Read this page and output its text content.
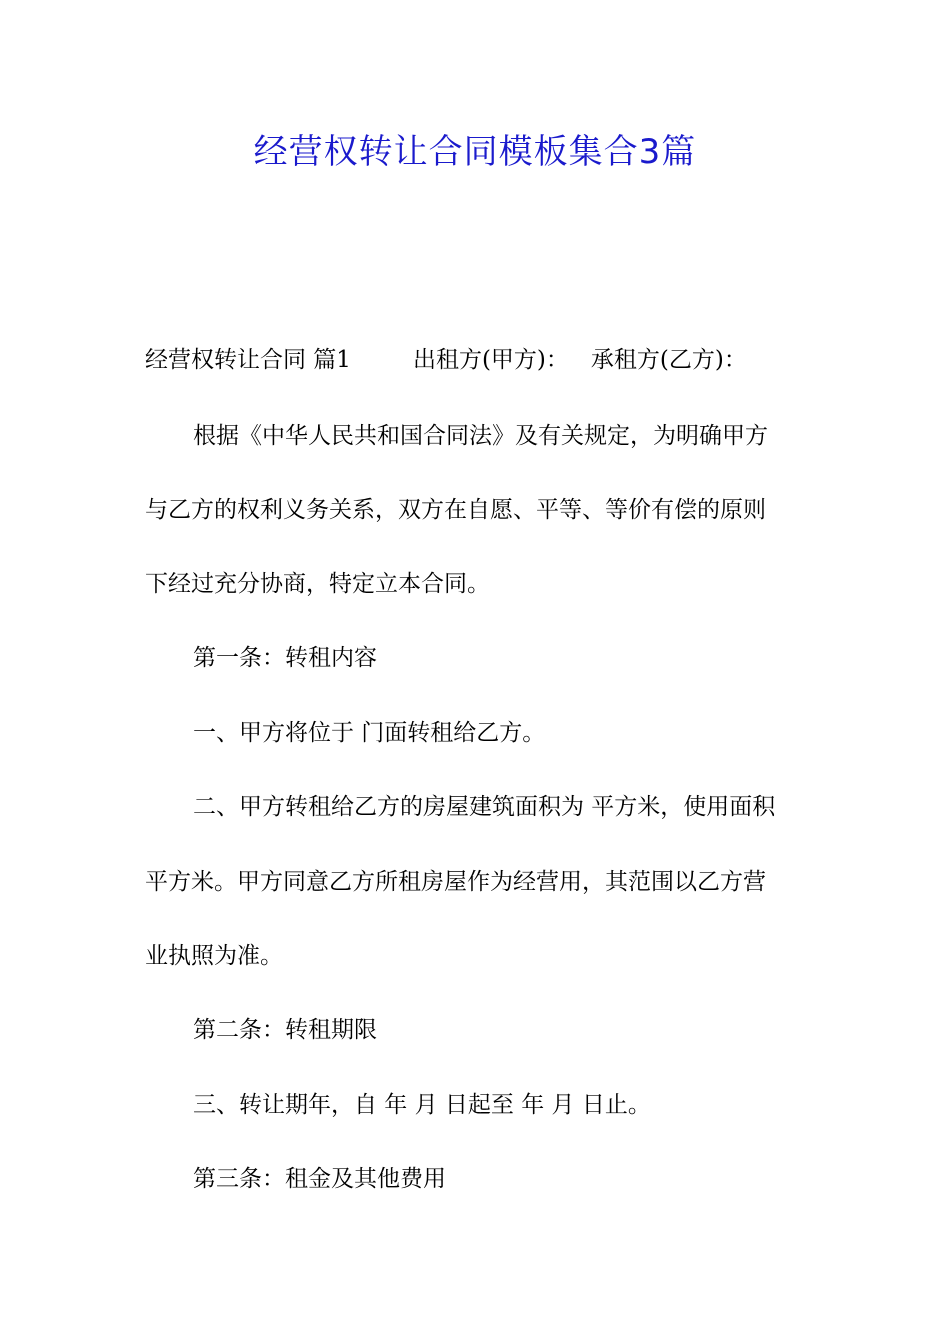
经营权转让合同模板集合3篇
经营权转让合同 篇1	出租方(甲方)： 承租方(乙方)：
根据《中华人民共和国合同法》及有关规定，为明确甲方
与乙方的权利义务关系，双方在自愿、平等、等价有偿的原则
下经过充分协商，特定立本合同。
第一条：转租内容
一、甲方将位于 门面转租给乙方。
二、甲方转租给乙方的房屋建筑面积为 平方米，使用面积
平方米。甲方同意乙方所租房屋作为经营用，其范围以乙方营
业执照为准。
第二条：转租期限
三、转让期年，自 年 月 日起至 年 月 日止。
第三条：租金及其他费用
